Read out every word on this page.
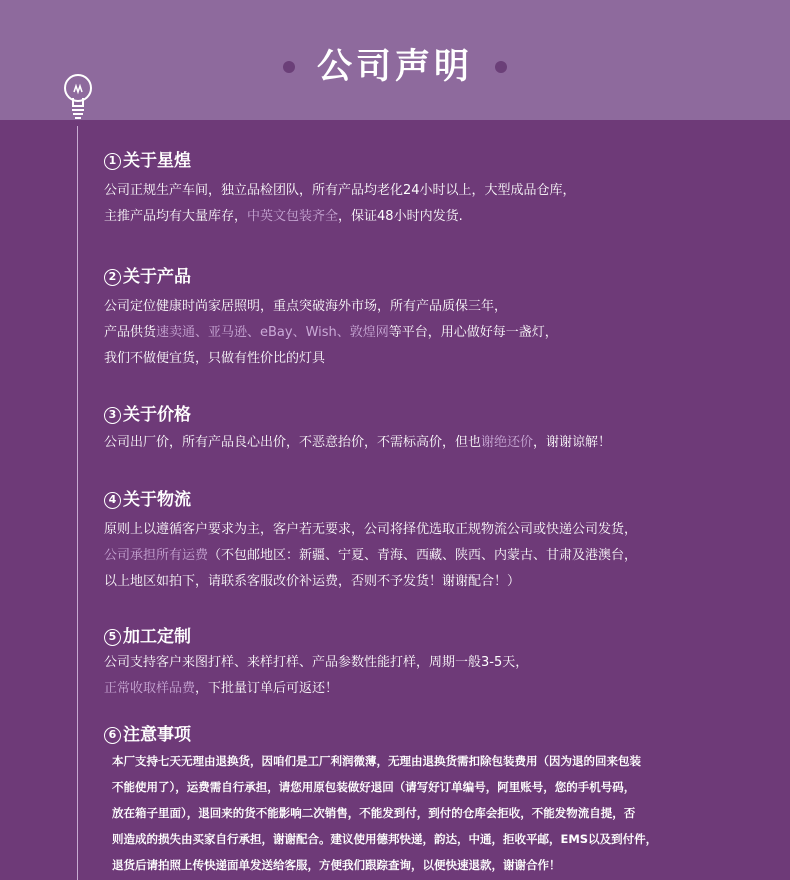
公司声明
1 关于星煌
公司正规生产车间，独立品检团队，所有产品均老化24小时以上，大型成品仓库，
主推产品均有大量库存，中英文包装齐全，保证48小时内发货.
2 关于产品
公司定位健康时尚家居照明，重点突破海外市场，所有产品质保三年，
产品供货速卖通、亚马逊、eBay、Wish、敦煌网等平台，用心做好每一盏灯，
我们不做便宜货，只做有性价比的灯具
3 关于价格
公司出厂价，所有产品良心出价，不恶意抬价，不需标高价，但也谢绝还价，谢谢谅解！
4 关于物流
原则上以遵循客户要求为主，客户若无要求，公司将择优选取正规物流公司或快递公司发货，
公司承担所有运费（不包邮地区：新疆、宁夏、青海、西藏、陕西、内蒙古、甘肃及港澳台，
以上地区如拍下，请联系客服改价补运费，否则不予发货！谢谢配合！）
5 加工定制
公司支持客户来图打样、来样打样、产品参数性能打样，周期一般3-5天，
正常收取样品费，下批量订单后可返还！
6 注意事项
本厂支持七天无理由退换货，因咱们是工厂利润微薄，无理由退换货需扣除包装费用（因为退的回来包装
不能使用了），运费需自行承担，请您用原包装做好退回（请写好订单编号，阿里账号，您的手机号码，
放在箱子里面），退回来的货不能影响二次销售，不能发到付，到付的仓库会拒收，不能发物流自提，否
则造成的损失由买家自行承担，谢谢配合。建议使用德邦快递，韵达，中通，拒收平邮，EMS以及到付件，
退货后请拍照上传快递面单发送给客服，方便我们跟踪查询，以便快速退款，谢谢合作！
